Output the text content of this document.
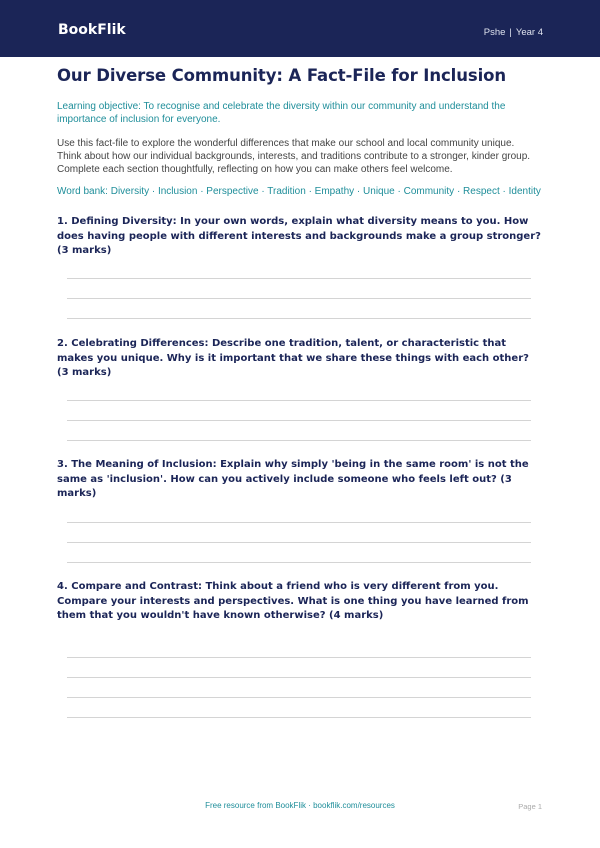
BookFlik	Pshe | Year 4
Our Diverse Community: A Fact-File for Inclusion
Learning objective: To recognise and celebrate the diversity within our community and understand the importance of inclusion for everyone.

Use this fact-file to explore the wonderful differences that make our school and local community unique.

Think about how our individual backgrounds, interests, and traditions contribute to a stronger, kinder group.

Complete each section thoughtfully, reflecting on how you can make others feel welcome.

Word bank: Diversity · Inclusion · Perspective · Tradition · Empathy · Unique · Community · Respect · Identity
1. Defining Diversity: In your own words, explain what diversity means to you. How does having people with different interests and backgrounds make a group stronger? (3 marks)
2. Celebrating Differences: Describe one tradition, talent, or characteristic that makes you unique. Why is it important that we share these things with each other? (3 marks)
3. The Meaning of Inclusion: Explain why simply 'being in the same room' is not the same as 'inclusion'. How can you actively include someone who feels left out? (3 marks)
4. Compare and Contrast: Think about a friend who is very different from you. Compare your interests and perspectives. What is one thing you have learned from them that you wouldn't have known otherwise? (4 marks)
Free resource from BookFlik · bookflik.com/resources	Page 1
